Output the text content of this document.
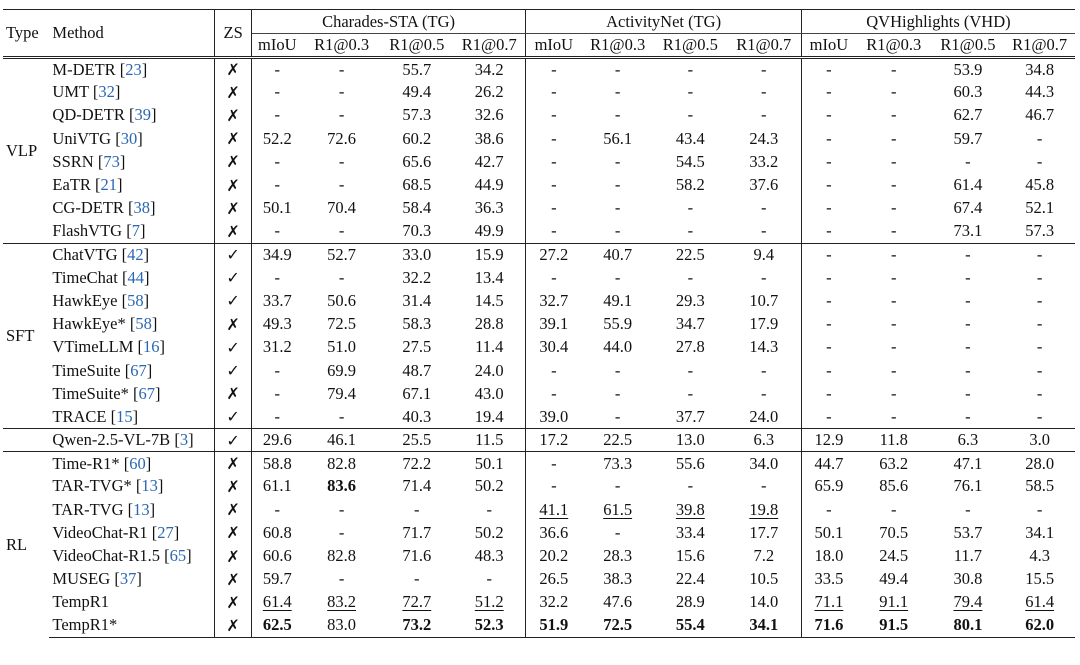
Type	Method	ZS	Charades-STA (TG)				ActivityNet (TG)				QVHighlights (VHD)			
			mIoU	R1@0.3	R1@0.5	R1@0.7	mIoU	R1@0.3	R1@0.5	R1@0.7	mIoU	R1@0.3	R1@0.5	R1@0.7
VLP	M-DETR [23]	✗	-	-	55.7	34.2	-	-	-	-	-	-	53.9	34.8
	UMT [32]	✗	-	-	49.4	26.2	-	-	-	-	-	-	60.3	44.3
	QD-DETR [39]	✗	-	-	57.3	32.6	-	-	-	-	-	-	62.7	46.7
	UniVTG [30]	✗	52.2	72.6	60.2	38.6	-	56.1	43.4	24.3	-	-	59.7	-
	SSRN [73]	✗	-	-	65.6	42.7	-	-	54.5	33.2	-	-	-	-
	EaTR [21]	✗	-	-	68.5	44.9	-	-	58.2	37.6	-	-	61.4	45.8
	CG-DETR [38]	✗	50.1	70.4	58.4	36.3	-	-	-	-	-	-	67.4	52.1
	FlashVTG [7]	✗	-	-	70.3	49.9	-	-	-	-	-	-	73.1	57.3
SFT	ChatVTG [42]	✓	34.9	52.7	33.0	15.9	27.2	40.7	22.5	9.4	-	-	-	-
	TimeChat [44]	✓	-	-	32.2	13.4	-	-	-	-	-	-	-	-
	HawkEye [58]	✓	33.7	50.6	31.4	14.5	32.7	49.1	29.3	10.7	-	-	-	-
	HawkEye* [58]	✗	49.3	72.5	58.3	28.8	39.1	55.9	34.7	17.9	-	-	-	-
	VTimeLLM [16]	✓	31.2	51.0	27.5	11.4	30.4	44.0	27.8	14.3	-	-	-	-
	TimeSuite [67]	✓	-	69.9	48.7	24.0	-	-	-	-	-	-	-	-
	TimeSuite* [67]	✗	-	79.4	67.1	43.0	-	-	-	-	-	-	-	-
	TRACE [15]	✓	-	-	40.3	19.4	39.0	-	37.7	24.0	-	-	-	-
	Qwen-2.5-VL-7B [3]	✓	29.6	46.1	25.5	11.5	17.2	22.5	13.0	6.3	12.9	11.8	6.3	3.0
RL	Time-R1* [60]	✗	58.8	82.8	72.2	50.1	-	73.3	55.6	34.0	44.7	63.2	47.1	28.0
	TAR-TVG* [13]	✗	61.1	83.6	71.4	50.2	-	-	-	-	65.9	85.6	76.1	58.5
	TAR-TVG [13]	✗	-	-	-	-	41.1	61.5	39.8	19.8	-	-	-	-
	VideoChat-R1 [27]	✗	60.8	-	71.7	50.2	36.6	-	33.4	17.7	50.1	70.5	53.7	34.1
	VideoChat-R1.5 [65]	✗	60.6	82.8	71.6	48.3	20.2	28.3	15.6	7.2	18.0	24.5	11.7	4.3
	MUSEG [37]	✗	59.7	-	-	-	26.5	38.3	22.4	10.5	33.5	49.4	30.8	15.5
	TempR1	✗	61.4	83.2	72.7	51.2	32.2	47.6	28.9	14.0	71.1	91.1	79.4	61.4
	TempR1*	✗	62.5	83.0	73.2	52.3	51.9	72.5	55.4	34.1	71.6	91.5	80.1	62.0
